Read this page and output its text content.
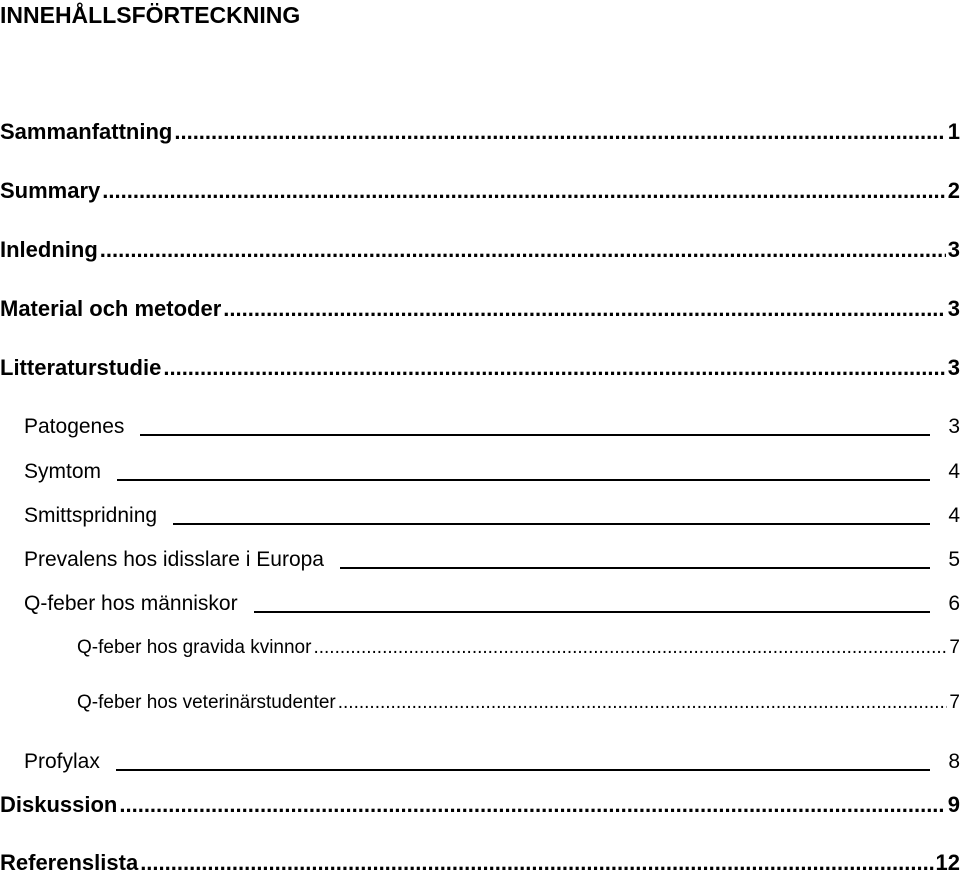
INNEHÅLLSFÖRTECKNING
Sammanfattning .....	1
Summary .....	2
Inledning .....	3
Material och metoder .....	3
Litteraturstudie .....	3
Patogenes	3
Symtom	4
Smittspridning	4
Prevalens hos idisslare i Europa	5
Q-feber hos människor	6
Q-feber hos gravida kvinnor .....	7
Q-feber hos veterinärstudenter .....	7
Profylax	8
Diskussion .....	9
Referenslista .....	12
